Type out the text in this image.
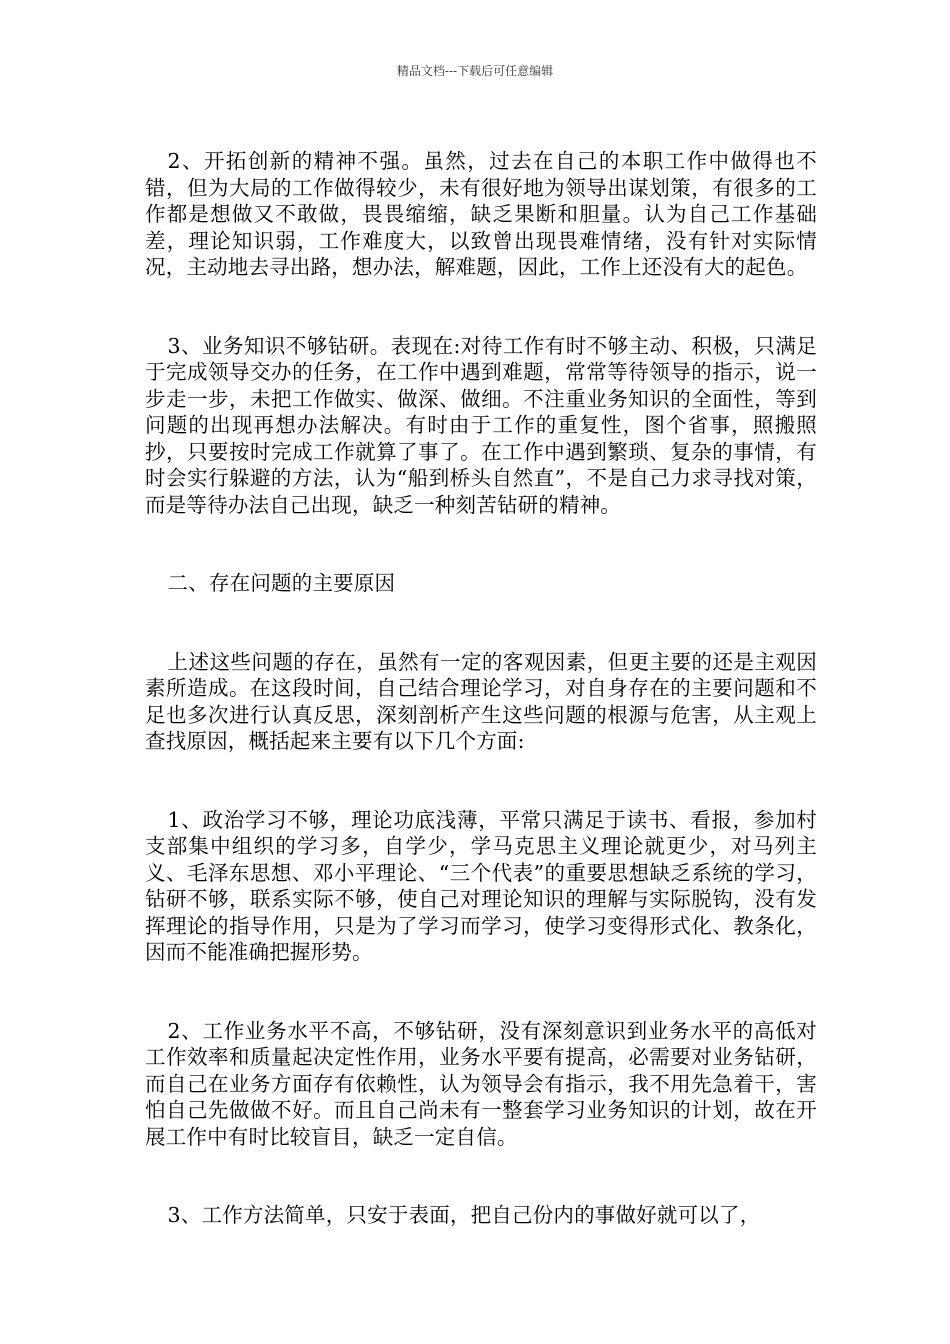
精品文档---下载后可任意编辑

2、开拓创新的精神不强。虽然，过去在自己的本职工作中做得也不错，但为大局的工作做得较少，未有很好地为领导出谋划策，有很多的工作都是想做又不敢做，畏畏缩缩，缺乏果断和胆量。认为自己工作基础差，理论知识弱，工作难度大，以致曾出现畏难情绪，没有针对实际情况，主动地去寻出路，想办法，解难题，因此，工作上还没有大的起色。

3、业务知识不够钻研。表现在:对待工作有时不够主动、积极，只满足于完成领导交办的任务，在工作中遇到难题，常常等待领导的指示，说一步走一步，未把工作做实、做深、做细。不注重业务知识的全面性，等到问题的出现再想办法解决。有时由于工作的重复性，图个省事，照搬照抄，只要按时完成工作就算了事了。在工作中遇到繁琐、复杂的事情，有时会实行躲避的方法，认为“船到桥头自然直”，不是自己力求寻找对策，而是等待办法自己出现，缺乏一种刻苦钻研的精神。

二、存在问题的主要原因

上述这些问题的存在，虽然有一定的客观因素，但更主要的还是主观因素所造成。在这段时间，自己结合理论学习，对自身存在的主要问题和不足也多次进行认真反思，深刻剖析产生这些问题的根源与危害，从主观上查找原因，概括起来主要有以下几个方面:

1、政治学习不够，理论功底浅薄，平常只满足于读书、看报，参加村支部集中组织的学习多，自学少，学马克思主义理论就更少，对马列主义、毛泽东思想、邓小平理论、“三个代表”的重要思想缺乏系统的学习，钻研不够，联系实际不够，使自己对理论知识的理解与实际脱钩，没有发挥理论的指导作用，只是为了学习而学习，使学习变得形式化、教条化，因而不能准确把握形势。

2、工作业务水平不高，不够钻研，没有深刻意识到业务水平的高低对工作效率和质量起决定性作用，业务水平要有提高，必需要对业务钻研，而自己在业务方面存有依赖性，认为领导会有指示，我不用先急着干，害怕自己先做做不好。而且自己尚未有一整套学习业务知识的计划，故在开展工作中有时比较盲目，缺乏一定自信。

3、工作方法简单，只安于表面，把自己份内的事做好就可以了，
